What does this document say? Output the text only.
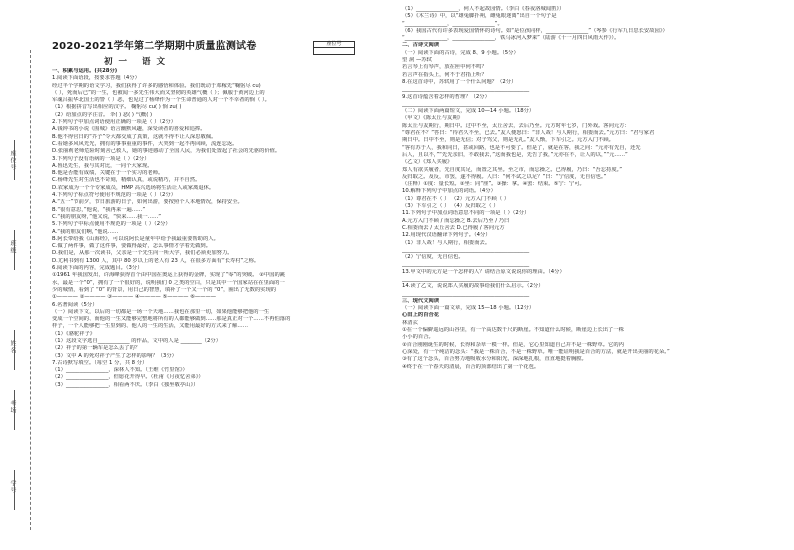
座位号
班级
姓名
考场
学号
2020-2021学年第二学期期中质量监测试卷	座位号
初一 语文
一、积累与运用。(共28分)
1.阅读下面语段，按要求答题（4分）
经过半个学期的语文学习，我们获得了许多的感悟和体验。我们既动于邓稼先“鞠躬尽 cu)
（ ），死而后已”的一生，也被闻一多先生伟大而又坚韧的英雄气概（ ）；佩服于黄河边上的
军魂吕振华北国土的警（ ）恶，也见过了杨绛作为一个生命普通的人对一个不幸者的悯（ ）。
（1）根据拼音写出相应的汉字。 鞠躬尽 cu( ) 悯 zu( )
（2）给加点的字注音。 伞( ) 恶( ) 气概( )
2.下列句子中加点词语使用正确的一项是（ ）（2分）
A.钱钟书的小说《围城》语言幽默风趣，深受读者的喜爱和追捧。
B.他不得官日的“芥子”令大都交成了真策，这就不得不让人深思敬佩。
C.看她多风风光光，拥有的事事重重的事件，大哭到一起不再回顾，流连忘返。
D.张丽莉老师危险时刻舍己救人，她的事迹感动了全国人民，为我们处置起了社会的先驱的价值。
3.下列句子没有语病的一项是（ ）（2分）
A.鲁迅先生，我与其对比，一同个大家现。
B.他是否能有成绩，关键在于一个实习的老师。
C.杨绛先生对生活也不苛刻，精细认真，或说精巧，并不自然。
D.农家成为一个个专家成员，HMP 高兴选场将生活让人或家离退休。
4.下列句子标点符号使用不规范的一项是（ ）（2分）
A.“五一”节前夕，节日旅游的日子，如何出游，要按照个人本地情况，保持安全。
B.“很有意思，”他说，“我再来一遍……”
C.“我的朋友呀，”他又说，“快来……我一……”
5.下列句子中标点使用不规范的一项是（ ）（2分）
A.“我的朋友们啊，”他说……
B.阿长带给我《山海经》，可以说阿长是童年中给予我最重要帮助的人。
C.做了两件事，做了这件事，要做得最好，怎么事情才学着先做到。
D.我们是，从那一次读书，父亲是一个先生向一所大学，我们必须更加努力。
D.尤利书到有 1300 人，其中 80 岁以上的老人有 23 人，在很多方面有“长寿村”之称。
6.阅读下面的内容，完成题目。（3分）
①1961 年我国发出，许海峰获得首个由中国在奥运上获得的金牌，实现了“零”的突破。 ②中国的跳
水，最是一个“0”，拥有了一个很好的，说明我们 0 之类的空白，只是其中一个国家站在在里面的一
少的城情，看到了 “0” 的背景，用日己的智慧，填补了一个又一个的 “0”，圈出了无数的实现的
①———— ②———— ③———— ④———— ⑤———— ⑥————
6.名著阅读（5分）
（一）阅读下文，以后的一切都是一场一个天地……我也在那里一切，如果他能够把他的一生
变成一个空间的、而他的一生又能够完整地将所有的人都能够做到……那是真正对一个……不再怕落的
样子，一个人能够把一生里到的、他人的一生的生活，又能用最好的方式来了解……
（1）《骆驼祥子》
（1）这段文字选自____________ 的作品，文中的人是 ________（2分）
（2）祥子的第一辆车是怎么丢了的？
（3）文中 A 的死对祥子产生了怎样的影响？（3分）
7.古诗默写填空。（每空 1 分，共 8 分）
（1）________________，深林人不知。（王维《竹里馆》）
（2）________________，但愿花开得早。（杜甫《月夜忆舍弟》）
（3）________________，相看两不厌。（李白《独坐敬亭山》）
（1）________________，何人不起故园情。（李白《春夜洛城闻笛》）
（5）《木兰诗》中，以“雄兔脚扑朔，雌兔眼迷离”出自一个句子是
“________________，________________”。
（6）我国古代有许多表现爱国情怀的诗句。如“是位孩同样，________________”（岑参《行军九日思长安故园》）
“________________，________________，铁马冰河入梦来”（陆游《十一月四日风雨大作》）。
二、古诗文阅读
（一）阅读下面的古诗，完成 8、9 小题。（5分）
望 洞 —苏轼
若言琴上有琴声，放在匣中何不鸣？
若言声在指头上，何不于君指上听？
8.在这首诗中，苏轼用了一个什么问题？（2分）
________________________________________________
9.这首诗蕴含着怎样的哲理？（2分）
________________________________________________
（二）阅读下面两篇短文，完成 10—14 小题。（18分）
（甲文）《陈太丘与友期》
陈太丘与友期行，期日中。过中不至，太丘舍去，去后乃至。元方时年七岁，门外戏。客问元方：
“尊君在不？”答曰：“待君久不至，已去。”友人便怒曰：“非人哉！与人期行，相委而去。”元方曰：“君与家君
期日中。日中不至，则是无信；对子骂父，则是无礼。”友人惭，下车引之。元方入门不顾。
“客有苏于人，我和同日，甚或回路，也是不可要了。但是了，就是在客，我之问：“元亦有先自，还先
后人，且以不，”“先先亲旧，不敢我去，”这而我也是，先告了我，”元亦在不，让人的以，”“元……”
（乙文）《郑人买履》
郑人有欲买履者，先自度其足，而置之其坐。至之市，而忘操之。已得履，乃曰：“吾忘持度。”
反归取之。及反，市罢，遂不得履。人曰：“何不试之以足？”曰：“宁信度，无自信也。”
（注释）①度：量长短。②坐：同“座”。③操：拿。④罢：结束。⑤宁：宁可。
10.解释下列句子中加点的词语。（4分）
（1）尊君在不（ ） （2）元方入门不顾（ ）
（3）下车引之（ ） （4）反归取之（ ）
11.下列句子中加点词语意思不同的一项是（ ）（2分）
A.元方入门不顾 / 而忘操之 B.去后乃至 / 乃曰
C.相委而去 / 太丘舍去 D.已得履 / 客问元方
12.用现代汉语翻译下列句子。（4分）
（1）非人哉！与人期行，相委而去。
________________________________________________
（2）宁信度，无自信也。
________________________________________________
13.甲文中的元方是一个怎样的人？请结合原文说说你的理由。（4分）
________________________________________________
14.读了乙文，说说郑人买履的故事给我们什么启示。（2分）
________________________________________________
三、现代文阅读
（一）阅读下面一篇文章，完成 15—18 小题。（12分）
心田上的百合花
林清玄
①在一个偏僻遥远的山谷里，有一个高达数千尺的断崖。不知道什么时候，断崖边上长出了一株
小小的百合。
②百合刚刚诞生的时候，长得和杂草一模一样。但是，它心里知道自己并不是一株野草。它的内
心深处，有一个纯洁的念头：“我是一株百合，不是一株野草。唯一能证明我是百合的方法，就是开出美丽的花朵。”
③有了这个念头，百合努力地吸收水分和阳光，深深地扎根，直直地挺着胸膛。
④终于在一个春天的清晨，百合的顶部结出了第一个花苞。
